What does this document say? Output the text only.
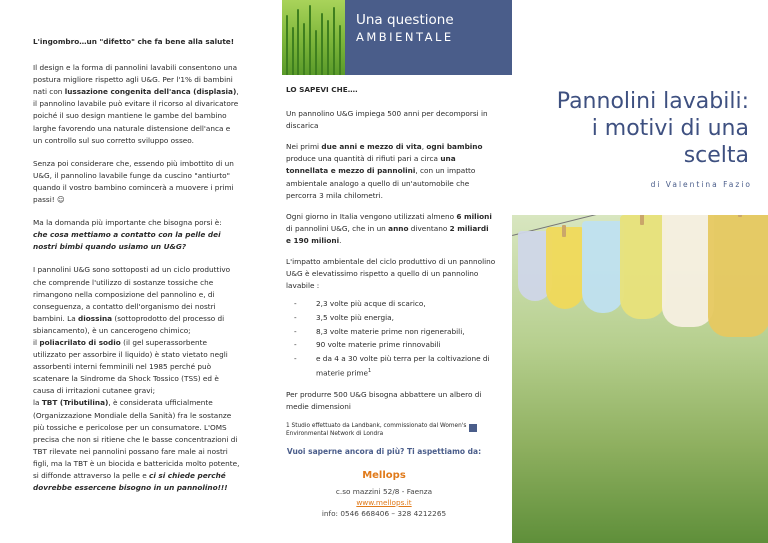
L'ingombro…un "difetto" che fa bene alla salute!

Il design e la forma di pannolini lavabili consentono una postura migliore rispetto agli U&G. Per l'1% di bambini nati con lussazione congenita dell'anca (displasia), il pannolino lavabile può evitare il ricorso al divaricatore poiché il suo design mantiene le gambe del bambino larghe favorendo una naturale distensione dell'anca e un controllo sul suo corretto sviluppo osseo.

Senza poi considerare che, essendo più imbottito di un U&G, il pannolino lavabile funge da cuscino "antiurto" quando il vostro bambino comincerà a muovere i primi passi! ☺

Ma la domanda più importante che bisogna porsi è:
che cosa mettiamo a contatto con la pelle dei nostri bimbi quando usiamo un U&G?

I pannolini U&G sono sottoposti ad un ciclo produttivo che comprende l'utilizzo di sostanze tossiche che rimangono nella composizione del pannolino e, di conseguenza, a contatto dell'organismo dei nostri bambini. La diossina (sottoprodotto del processo di sbiancamento), è un cancerogeno chimico;

il poliacrilato di sodio (il gel superassorbente utilizzato per assorbire il liquido) è stato vietato negli assorbenti interni femminili nel 1985 perché può scatenare la Sindrome da Shock Tossico (TSS) ed è causa di irritazioni cutanee gravi;

la TBT (Tributilina), è considerata ufficialmente (Organizzazione Mondiale della Sanità) fra le sostanze più tossiche e pericolose per un consumatore. L'OMS precisa che non si ritiene che le basse concentrazioni di TBT rilevate nei pannolini possano fare male ai nostri figli, ma la TBT è un biocida e battericida molto potente, si diffonde attraverso la pelle e ci si chiede perché dovrebbe essercene bisogno in un pannolino!!!

Una questione
AMBIENTALE

LO SAPEVI CHE….

Un pannolino U&G impiega 500 anni per decomporsi in discarica

Nei primi due anni e mezzo di vita, ogni bambino produce una quantità di rifiuti pari a circa una tonnellata e mezzo di pannolini, con un impatto ambientale analogo a quello di un'automobile che percorra 3 mila chilometri.

Ogni giorno in Italia vengono utilizzati almeno 6 milioni di pannolini U&G, che in un anno diventano 2 miliardi e 190 milioni.

L'impatto ambientale del ciclo produttivo di un pannolino U&G è elevatissimo rispetto a quello di un pannolino lavabile :

- 2,3 volte più acque di scarico,
- 3,5 volte più energia,
- 8,3 volte materie prime non rigenerabili,
- 90 volte materie prime rinnovabili
- e da 4 a 30 volte più terra per la coltivazione di materie prime$^1$

Per produrre 500 U&G bisogna abbattere un albero di medie dimensioni

1 Studio effettuato da Landbank, commissionato dal Women's Environmental Network di Londra
Vuoi saperne ancora di più? Ti aspettiamo da:
Mellops
c.so mazzini 52/8 - Faenza
www.mellops.it
info: 0546 668406 – 328 4212265
Pannolini lavabili:
i motivi di una
scelta
di Valentina Fazio
